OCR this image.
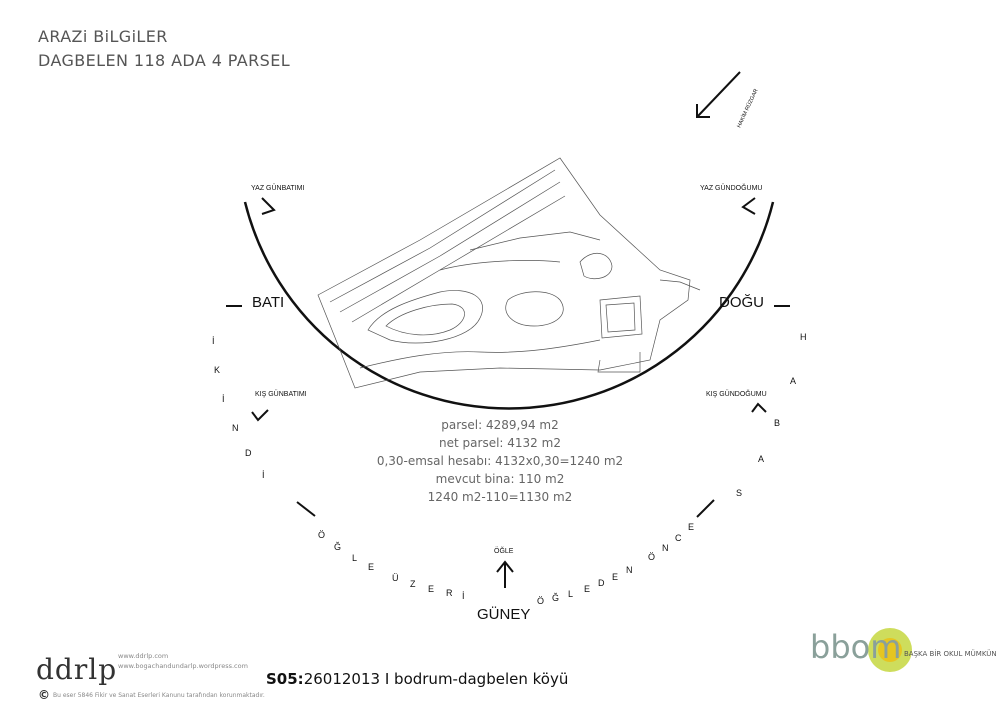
ARAZi BiLGiLER
DAGBELEN 118 ADA 4 PARSEL
HAKİM RÜZGAR
BATI	DOĞU
GÜNEY
ÖĞLE
YAZ GÜNBATIMI	YAZ GÜNDOĞUMU
KIŞ GÜNBATIMI	KIŞ GÜNDOĞUMU
İ
K
İ
N
D
İ
H
A
B
A
S
Ö
Ğ
L
E
Ü
Z E R İ	Ö Ğ L E
D
E
N
Ö
N
C
E
parsel: 4289,94 m2
net parsel: 4132 m2
0,30-emsal hesabı: 4132x0,30=1240 m2
mevcut bina: 110 m2
1240 m2-110=1130 m2
ddrlp www.ddrlp.com
www.bogachandundarlp.wordpress.com
© Bu eser 5846 Fikir ve Sanat Eserleri Kanunu tarafından korunmaktadır.
S05:26012013 I bodrum-dagbelen köyü
bbom BAŞKA BİR OKUL MÜMKÜN
